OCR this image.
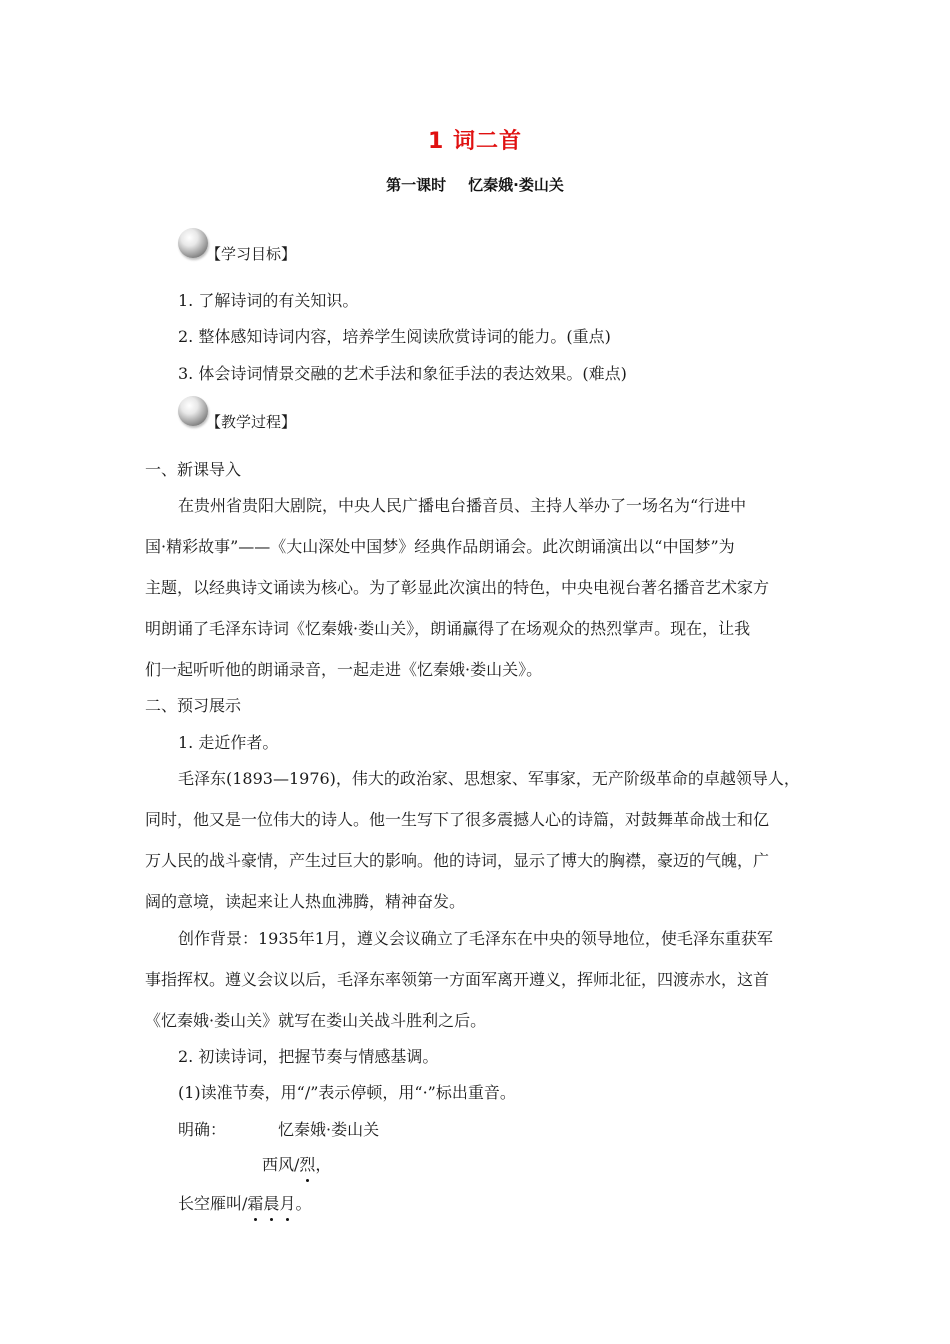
1 词二首
第一课时 忆秦娥·娄山关
【学习目标】
1. 了解诗词的有关知识。
2. 整体感知诗词内容，培养学生阅读欣赏诗词的能力。(重点)
3. 体会诗词情景交融的艺术手法和象征手法的表达效果。(难点)
【教学过程】
一、新课导入
在贵州省贵阳大剧院，中央人民广播电台播音员、主持人举办了一场名为“行进中
国·精彩故事”——《大山深处中国梦》经典作品朗诵会。此次朗诵演出以“中国梦”为
主题，以经典诗文诵读为核心。为了彰显此次演出的特色，中央电视台著名播音艺术家方
明朗诵了毛泽东诗词《忆秦娥·娄山关》，朗诵赢得了在场观众的热烈掌声。现在，让我
们一起听听他的朗诵录音，一起走进《忆秦娥·娄山关》。
二、预习展示
1. 走近作者。
毛泽东(1893—1976)，伟大的政治家、思想家、军事家，无产阶级革命的卓越领导人，
同时，他又是一位伟大的诗人。他一生写下了很多震撼人心的诗篇，对鼓舞革命战士和亿
万人民的战斗豪情，产生过巨大的影响。他的诗词，显示了博大的胸襟，豪迈的气魄，广
阔的意境，读起来让人热血沸腾，精神奋发。
创作背景：1935年1月，遵义会议确立了毛泽东在中央的领导地位，使毛泽东重获军
事指挥权。遵义会议以后，毛泽东率领第一方面军离开遵义，挥师北征，四渡赤水，这首
《忆秦娥·娄山关》就写在娄山关战斗胜利之后。
2. 初读诗词，把握节奏与情感基调。
(1)读准节奏，用“/”表示停顿，用“·”标出重音。
明确：	忆秦娥·娄山关
西风/烈，
长空雁叫/霜晨月。
